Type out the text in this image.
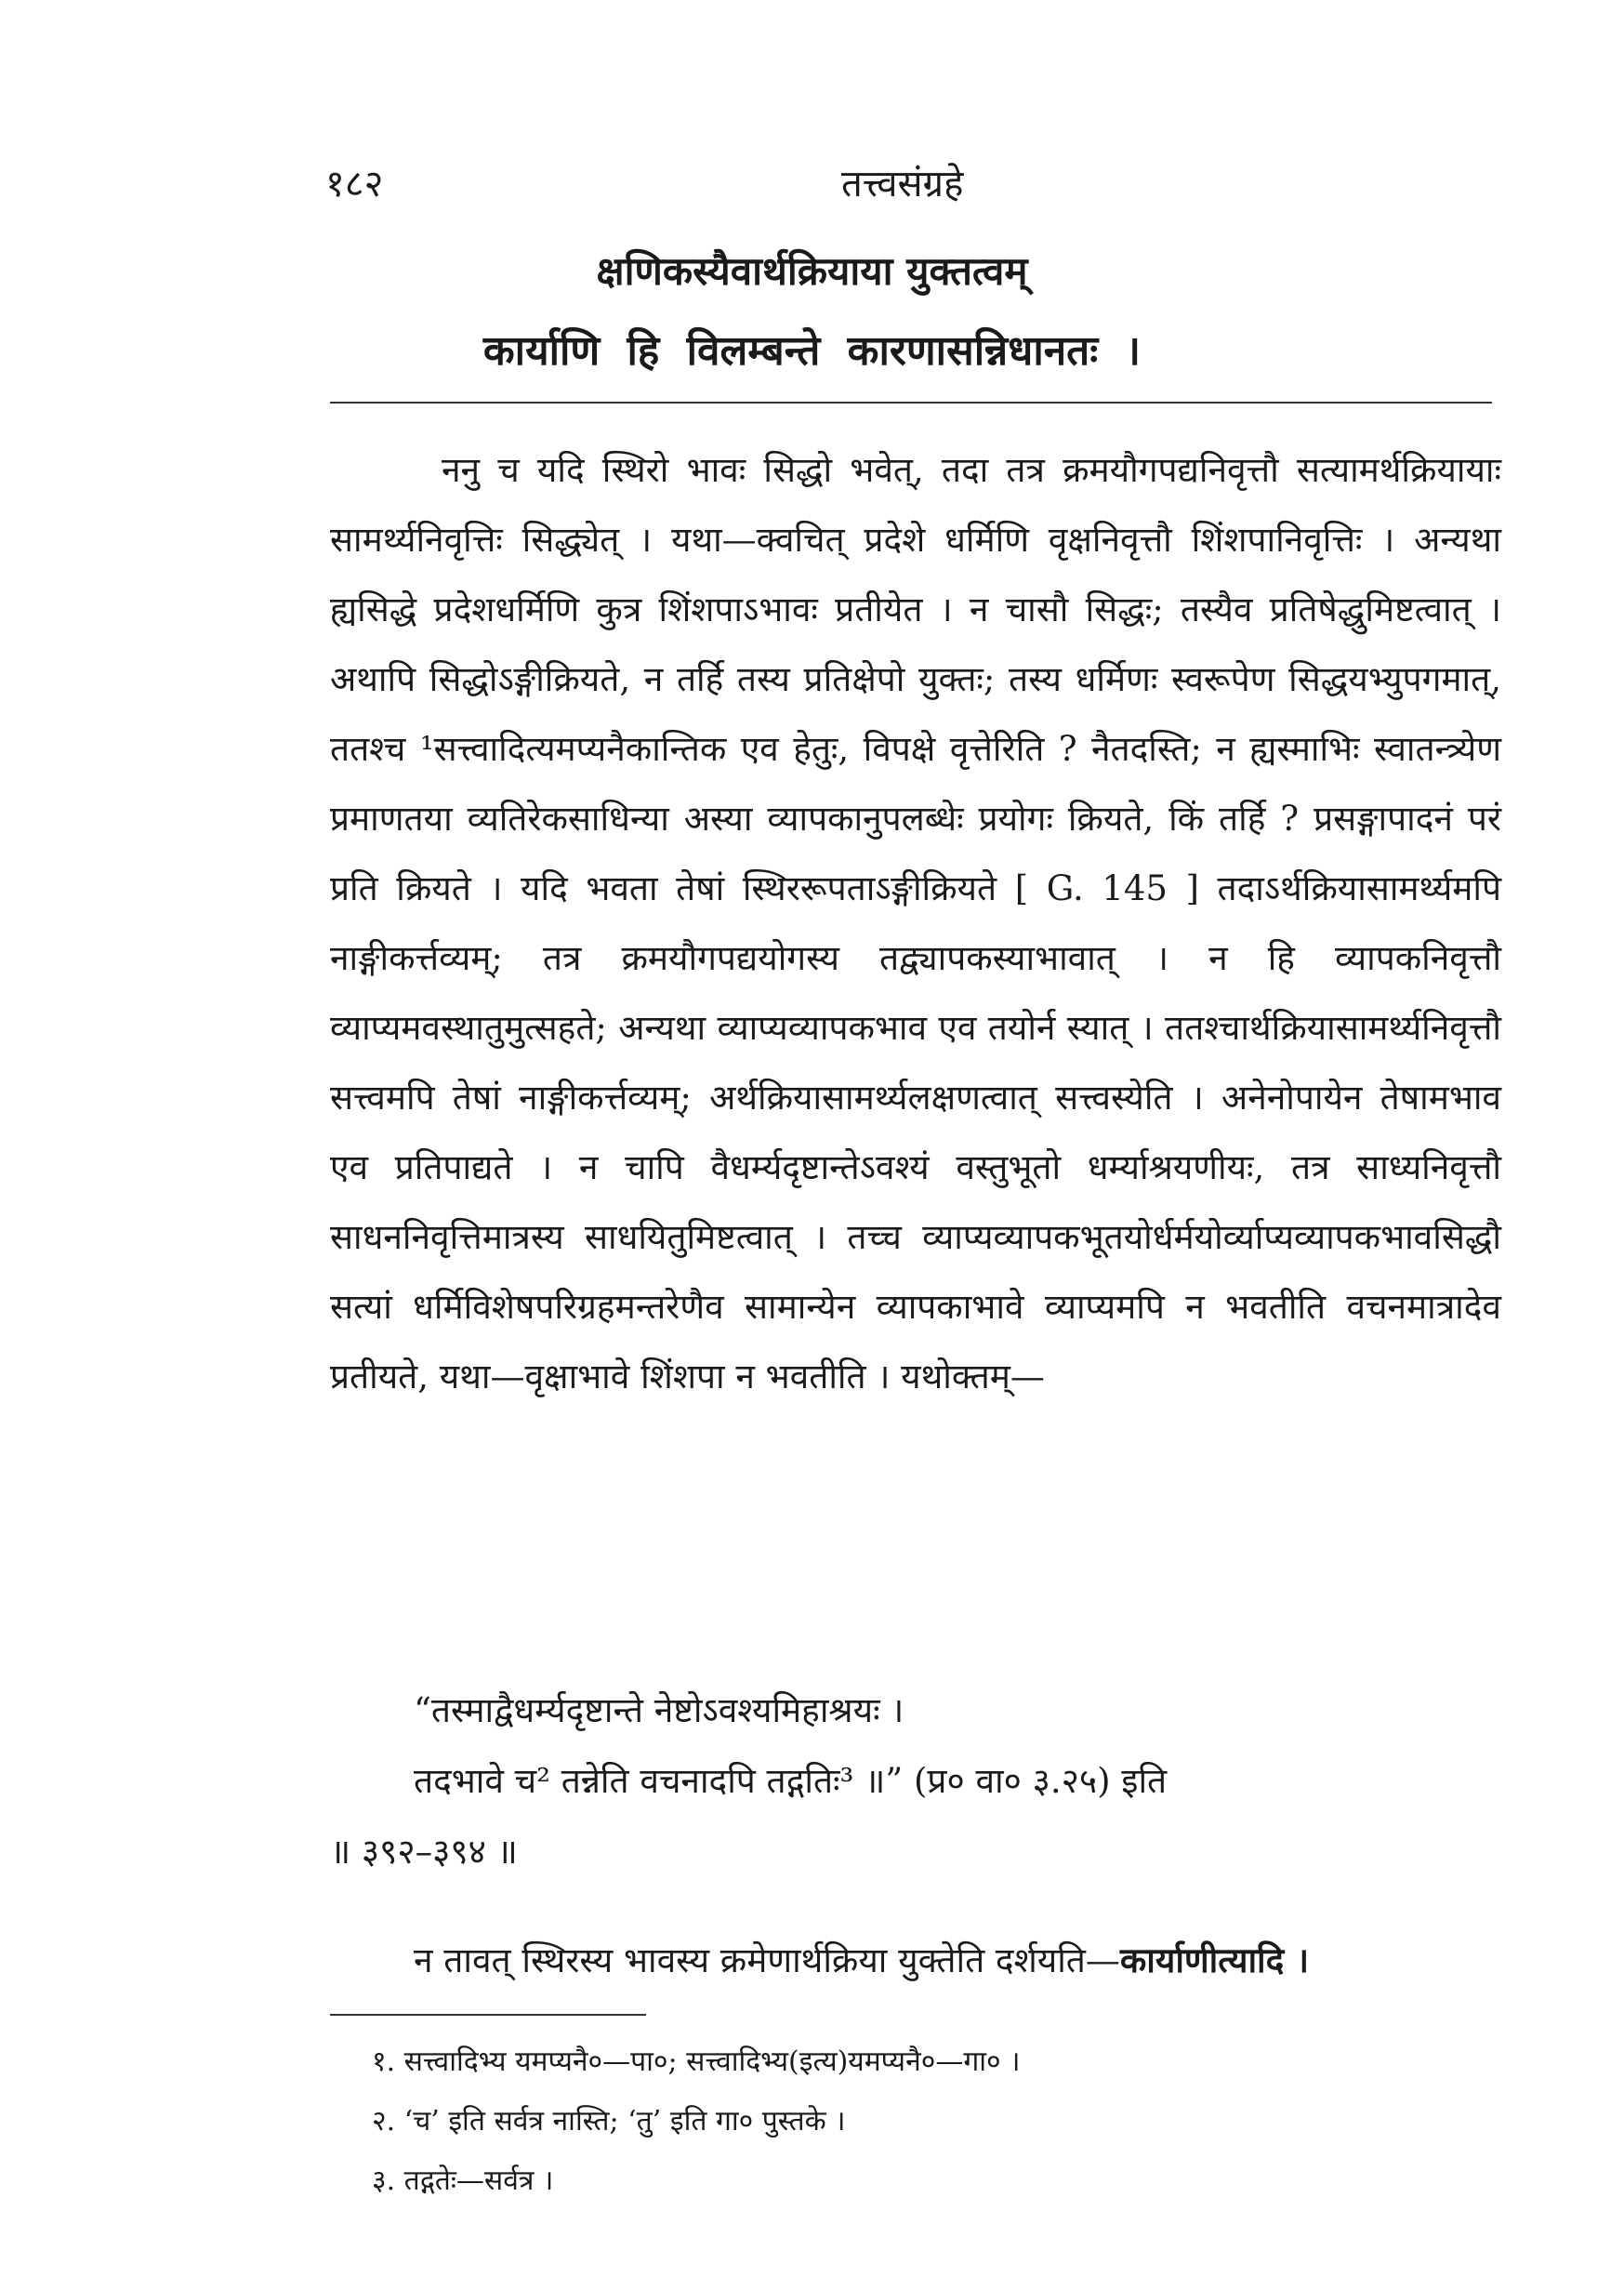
१८२	तत्त्वसंग्रहे
क्षणिकस्यैवार्थक्रियाया युक्तत्वम्
कार्याणि हि विलम्बन्ते कारणासन्निधानतः ।

ननु च यदि स्थिरो भावः सिद्धो भवेत्, तदा तत्र क्रमयौगपद्यनिवृत्तौ सत्यामर्थक्रियायाः सामर्थ्यनिवृत्तिः सिद्ध्येत् । यथा—क्वचित् प्रदेशे धर्मिणि वृक्षनिवृत्तौ शिंशपानिवृत्तिः । अन्यथा ह्यसिद्धे प्रदेशधर्मिणि कुत्र शिंशपाऽभावः प्रतीयेत । न चासौ सिद्धः; तस्यैव प्रतिषेद्धुमिष्टत्वात् । अथापि सिद्धोऽङ्गीक्रियते, न तर्हि तस्य प्रतिक्षेपो युक्तः; तस्य धर्मिणः स्वरूपेण सिद्धयभ्युपगमात्, ततश्च ¹सत्त्वादित्यमप्यनैकान्तिक एव हेतुः, विपक्षे वृत्तेरिति ? नैतदस्ति; न ह्यस्माभिः स्वातन्त्र्येण प्रमाणतया व्यतिरेकसाधिन्या अस्या व्यापकानुपलब्धेः प्रयोगः क्रियते, किं तर्हि ? प्रसङ्गापादनं परं प्रति क्रियते । यदि भवता तेषां स्थिररूपताऽङ्गीक्रियते [ G. 145 ] तदाऽर्थक्रियासामर्थ्यमपि नाङ्गीकर्त्तव्यम्; तत्र क्रमयौगपद्ययोगस्य तद्व्यापकस्याभावात् । न हि व्यापकनिवृत्तौ व्याप्यमवस्थातुमुत्सहते; अन्यथा व्याप्यव्यापकभाव एव तयोर्न स्यात् । ततश्चार्थक्रियासामर्थ्यनिवृत्तौ सत्त्वमपि तेषां नाङ्गीकर्त्तव्यम्; अर्थक्रियासामर्थ्यलक्षणत्वात् सत्त्वस्येति । अनेनोपायेन तेषामभाव एव प्रतिपाद्यते । न चापि वैधर्म्यदृष्टान्तेऽवश्यं वस्तुभूतो धर्म्याश्रयणीयः, तत्र साध्यनिवृत्तौ साधननिवृत्तिमात्रस्य साधयितुमिष्टत्वात् । तच्च व्याप्यव्यापकभूतयोर्धर्मयोर्व्याप्यव्यापकभावसिद्धौ सत्यां धर्मिविशेषपरिग्रहमन्तरेणैव सामान्येन व्यापकाभावे व्याप्यमपि न भवतीति वचनमात्रादेव प्रतीयते, यथा—वृक्षाभावे शिंशपा न भवतीति । यथोक्तम्—

“तस्माद्वैधर्म्यदृष्टान्ते नेष्टोऽवश्यमिहाश्रयः ।
तदभावे च² तन्नेति वचनादपि तद्गतिः³ ॥” (प्र० वा० ३.२५) इति
॥ ३९२–३९४ ॥
न तावत् स्थिरस्य भावस्य क्रमेणार्थक्रिया युक्तेति दर्शयति—कार्याणीत्यादि ।
१. सत्त्वादिभ्य यमप्यनै०—पा०; सत्त्वादिभ्य(इत्य)यमप्यनै०—गा० ।
२. ‘च’ इति सर्वत्र नास्ति; ‘तु’ इति गा० पुस्तके ।
३. तद्गतेः—सर्वत्र ।
